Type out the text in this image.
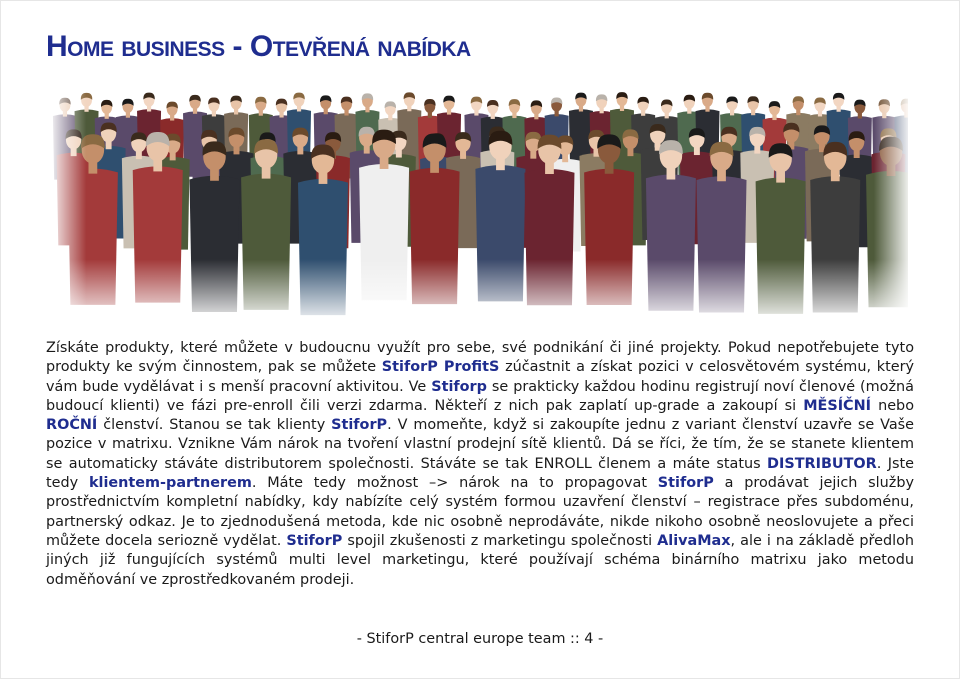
Home business - Otevřená nabídka

Získáte produkty, které můžete v budoucnu využít pro sebe, své podnikání či jiné projekty. Pokud nepotřebujete tyto produkty ke svým činnostem, pak se můžete StiforP ProfitS zúčastnit a získat pozici v celosvětovém systému, který vám bude vydělávat i s menší pracovní aktivitou. Ve Stiforp se prakticky každou hodinu registrují noví členové (možná budoucí klienti) ve fázi pre-enroll čili verzi zdarma. Někteří z nich pak zaplatí up-grade a zakoupí si MĚSÍČNÍ nebo ROČNÍ členství. Stanou se tak klienty StiforP. V momeňte, když si zakoupíte jednu z variant členství uzavře se Vaše pozice v matrixu. Vznikne Vám nárok na tvoření vlastní prodejní sítě klientů. Dá se říci, že tím, že se stanete klientem se automaticky stáváte distributorem společnosti. Stáváte se tak ENROLL členem a máte status DISTRIBUTOR. Jste tedy klientem-partnerem. Máte tedy možnost –> nárok na to propagovat StiforP a prodávat jejich služby prostřednictvím kompletní nabídky, kdy nabízíte celý systém formou uzavření členství – registrace přes subdoménu, partnerský odkaz. Je to zjednodušená metoda, kde nic osobně neprodáváte, nikde nikoho osobně neoslovujete a přeci můžete docela seriozně vydělat. StiforP spojil zkušenosti z marketingu společnosti AlivaMax, ale i na základě předloh jiných již fungujících systémů multi level marketingu, které používají schéma binárního matrixu jako metodu odměňování ve zprostředkovaném prodeji.

- StiforP central europe team :: 4 -
